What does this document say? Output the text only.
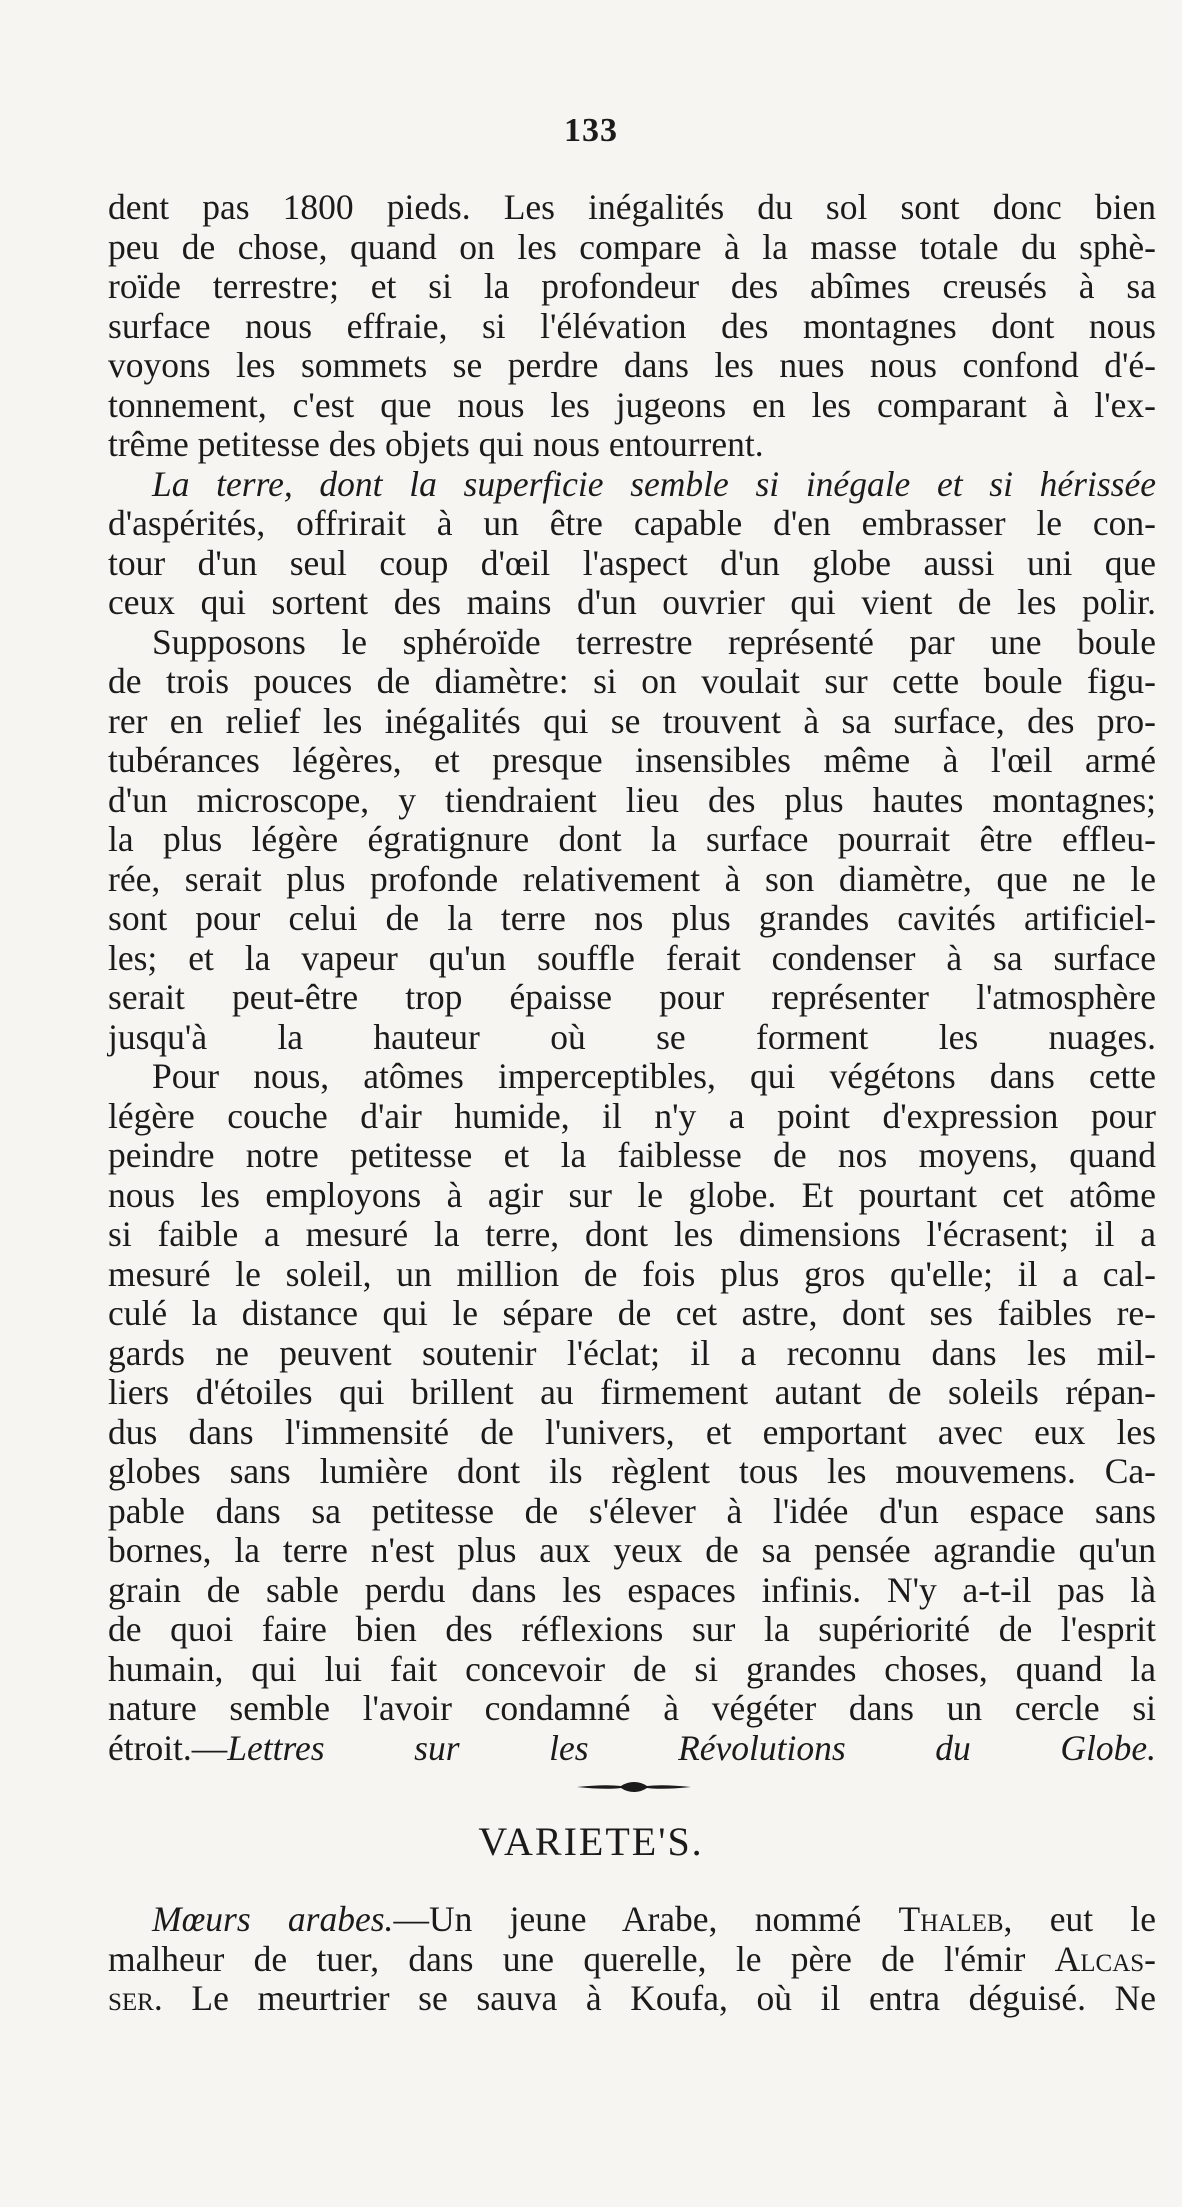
133

dent pas 1800 pieds. Les inégalités du sol sont donc bien
peu de chose, quand on les compare à la masse totale du sphè-
roïde terrestre; et si la profondeur des abîmes creusés à sa
surface nous effraie, si l'élévation des montagnes dont nous
voyons les sommets se perdre dans les nues nous confond d'é-
tonnement, c'est que nous les jugeons en les comparant à l'ex-
trême petitesse des objets qui nous entourrent.

La terre, dont la superficie semble si inégale et si hérissée
d'aspérités, offrirait à un être capable d'en embrasser le con-
tour d'un seul coup d'œil l'aspect d'un globe aussi uni que
ceux qui sortent des mains d'un ouvrier qui vient de les polir.

Supposons le sphéroïde terrestre représenté par une boule
de trois pouces de diamètre: si on voulait sur cette boule figu-
rer en relief les inégalités qui se trouvent à sa surface, des pro-
tubérances légères, et presque insensibles même à l'œil armé
d'un microscope, y tiendraient lieu des plus hautes montagnes;
la plus légère égratignure dont la surface pourrait être effleu-
rée, serait plus profonde relativement à son diamètre, que ne le
sont pour celui de la terre nos plus grandes cavités artificiel-
les; et la vapeur qu'un souffle ferait condenser à sa surface
serait peut-être trop épaisse pour représenter l'atmosphère
jusqu'à la hauteur où se forment les nuages.

Pour nous, atômes imperceptibles, qui végétons dans cette
légère couche d'air humide, il n'y a point d'expression pour
peindre notre petitesse et la faiblesse de nos moyens, quand
nous les employons à agir sur le globe. Et pourtant cet atôme
si faible a mesuré la terre, dont les dimensions l'écrasent; il a
mesuré le soleil, un million de fois plus gros qu'elle; il a cal-
culé la distance qui le sépare de cet astre, dont ses faibles re-
gards ne peuvent soutenir l'éclat; il a reconnu dans les mil-
liers d'étoiles qui brillent au firmement autant de soleils répan-
dus dans l'immensité de l'univers, et emportant avec eux les
globes sans lumière dont ils règlent tous les mouvemens. Ca-
pable dans sa petitesse de s'élever à l'idée d'un espace sans
bornes, la terre n'est plus aux yeux de sa pensée agrandie qu'un
grain de sable perdu dans les espaces infinis. N'y a-t-il pas là
de quoi faire bien des réflexions sur la supériorité de l'esprit
humain, qui lui fait concevoir de si grandes choses, quand la
nature semble l'avoir condamné à végéter dans un cercle si
étroit.—Lettres sur les Révolutions du Globe.

VARIETE'S.

Mœurs arabes.—Un jeune Arabe, nommé Thaleb, eut le
malheur de tuer, dans une querelle, le père de l'émir Alcas-
ser. Le meurtrier se sauva à Koufa, où il entra déguisé. Ne
